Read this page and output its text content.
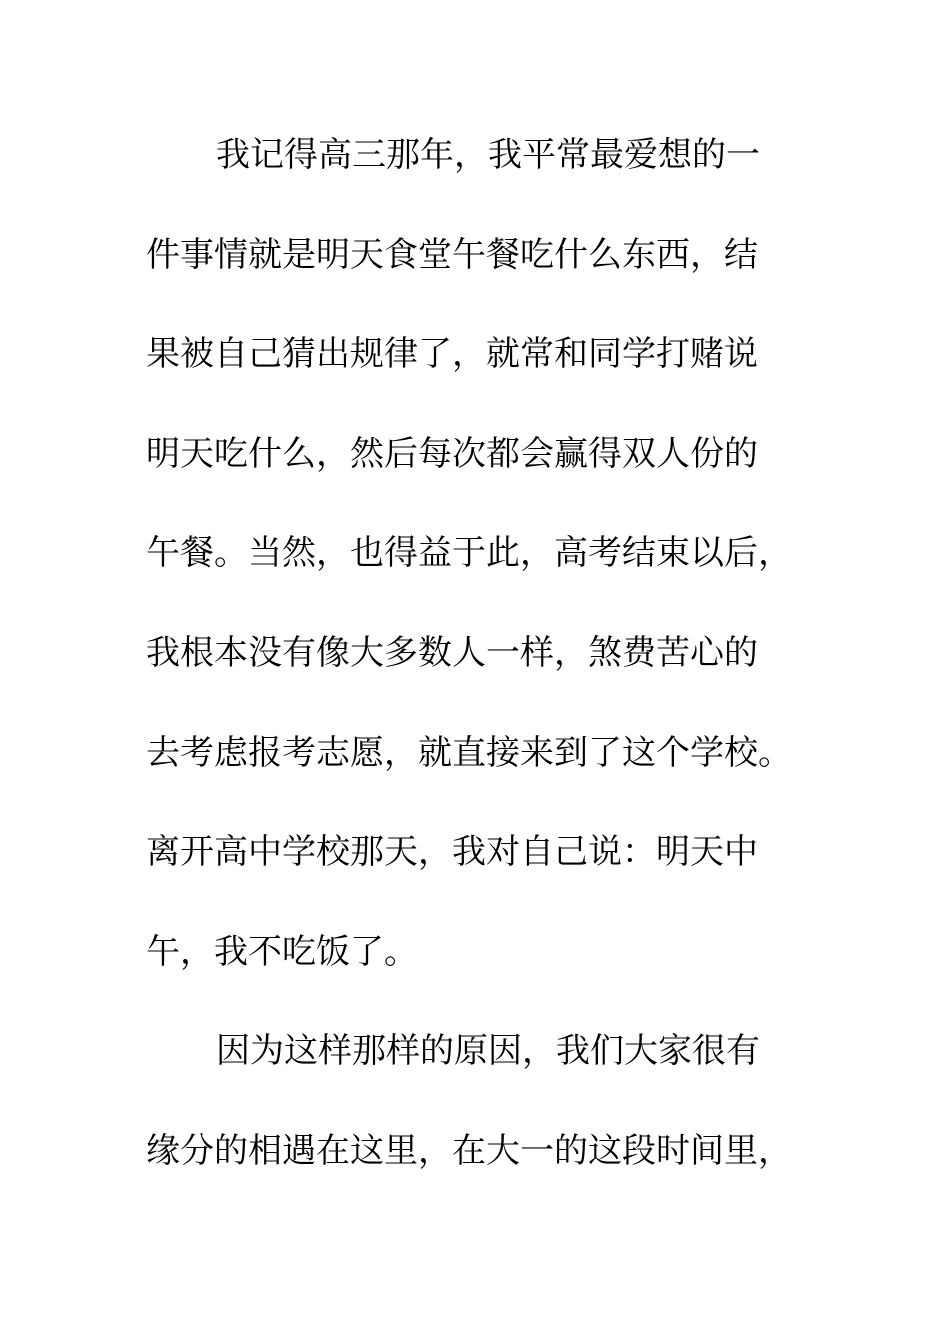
我记得高三那年，我平常最爱想的一
件事情就是明天食堂午餐吃什么东西，结
果被自己猜出规律了，就常和同学打赌说
明天吃什么，然后每次都会赢得双人份的
午餐。当然，也得益于此，高考结束以后，
我根本没有像大多数人一样，煞费苦心的
去考虑报考志愿，就直接来到了这个学校。
离开高中学校那天，我对自己说：明天中
午，我不吃饭了。
因为这样那样的原因，我们大家很有
缘分的相遇在这里，在大一的这段时间里，
